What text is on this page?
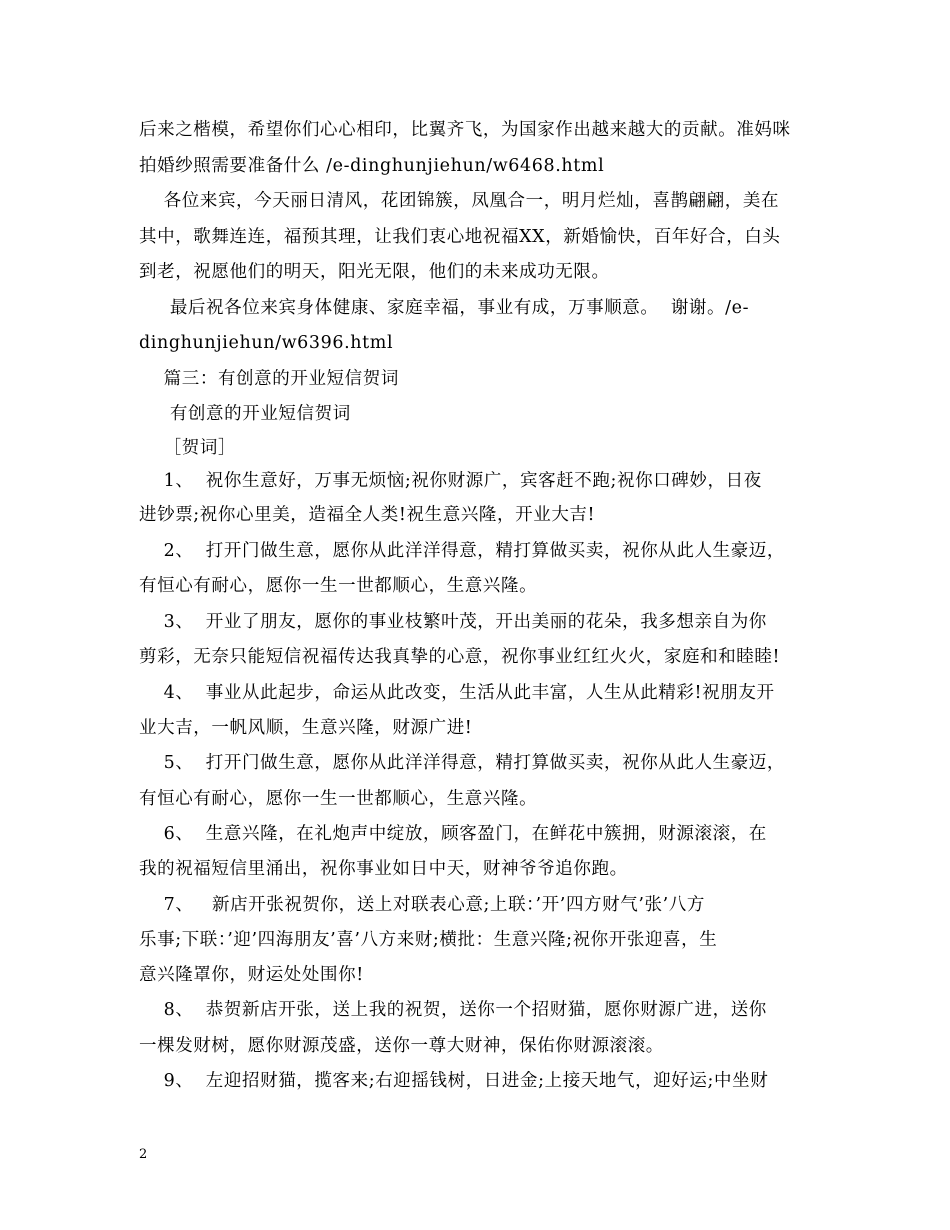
后来之楷模，希望你们心心相印，比翼齐飞，为国家作出越来越大的贡献。准妈咪
拍婚纱照需要准备什么 /e-dinghunjiehun/w6468.html
各位来宾，今天丽日清风，花团锦簇，凤凰合一，明月烂灿，喜鹊翩翩，美在
其中，歌舞连连，福预其理，让我们衷心地祝福XX，新婚愉快，百年好合，白头
到老，祝愿他们的明天，阳光无限，他们的未来成功无限。
最后祝各位来宾身体健康、家庭幸福，事业有成，万事顺意。  谢谢。/e-
dinghunjiehun/w6396.html
篇三：有创意的开业短信贺词
有创意的开业短信贺词
［贺词］
1、  祝你生意好，万事无烦恼;祝你财源广，宾客赶不跑;祝你口碑妙，日夜
进钞票;祝你心里美，造福全人类!祝生意兴隆，开业大吉!
2、  打开门做生意，愿你从此洋洋得意，精打算做买卖，祝你从此人生豪迈，
有恒心有耐心，愿你一生一世都顺心，生意兴隆。
3、  开业了朋友，愿你的事业枝繁叶茂，开出美丽的花朵，我多想亲自为你
剪彩，无奈只能短信祝福传达我真挚的心意，祝你事业红红火火，家庭和和睦睦!
4、  事业从此起步，命运从此改变，生活从此丰富，人生从此精彩!祝朋友开
业大吉，一帆风顺，生意兴隆，财源广进!
5、  打开门做生意，愿你从此洋洋得意，精打算做买卖，祝你从此人生豪迈，
有恒心有耐心，愿你一生一世都顺心，生意兴隆。
6、  生意兴隆，在礼炮声中绽放，顾客盈门，在鲜花中簇拥，财源滚滚，在
我的祝福短信里涌出，祝你事业如日中天，财神爷爷追你跑。
7、   新店开张祝贺你，送上对联表心意;上联：’开’四方财气’张’八方
乐事;下联：’迎’四海朋友’喜’八方来财;横批：生意兴隆;祝你开张迎喜，生
意兴隆罩你，财运处处围你!
8、  恭贺新店开张，送上我的祝贺，送你一个招财猫，愿你财源广进，送你
一棵发财树，愿你财源茂盛，送你一尊大财神，保佑你财源滚滚。
9、  左迎招财猫，揽客来;右迎摇钱树，日进金;上接天地气，迎好运;中坐财
2
